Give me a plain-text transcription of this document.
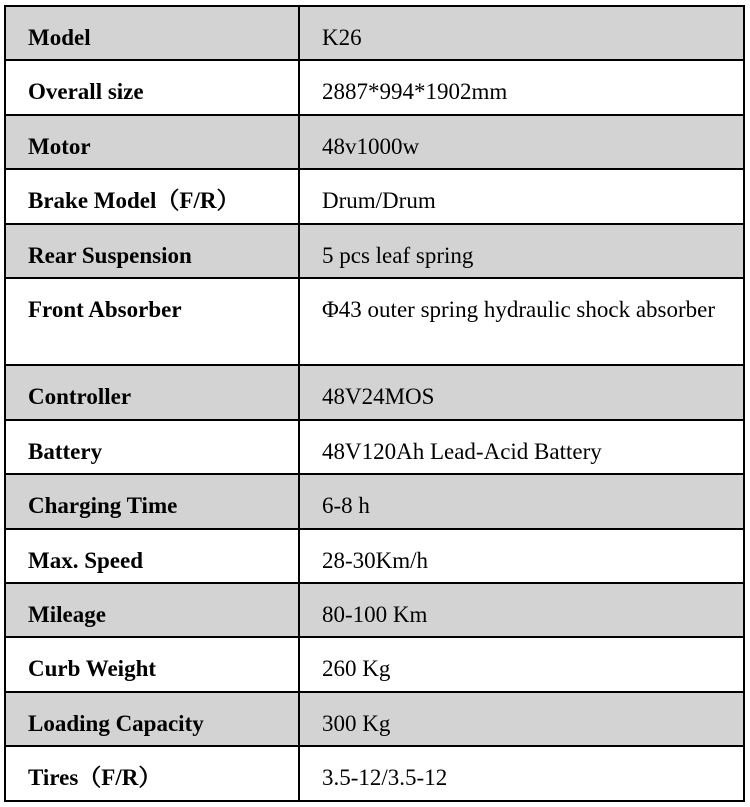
Model	K26
Overall size	2887*994*1902mm
Motor	48v1000w
Brake Model（F/R）	Drum/Drum
Rear Suspension	5 pcs leaf spring
Front Absorber	Φ43 outer spring hydraulic shock absorber
Controller	48V24MOS
Battery	48V120Ah Lead-Acid Battery
Charging Time	6-8 h
Max. Speed	28-30Km/h
Mileage	80-100 Km
Curb Weight	260 Kg
Loading Capacity	300 Kg
Tires（F/R）	3.5-12/3.5-12
